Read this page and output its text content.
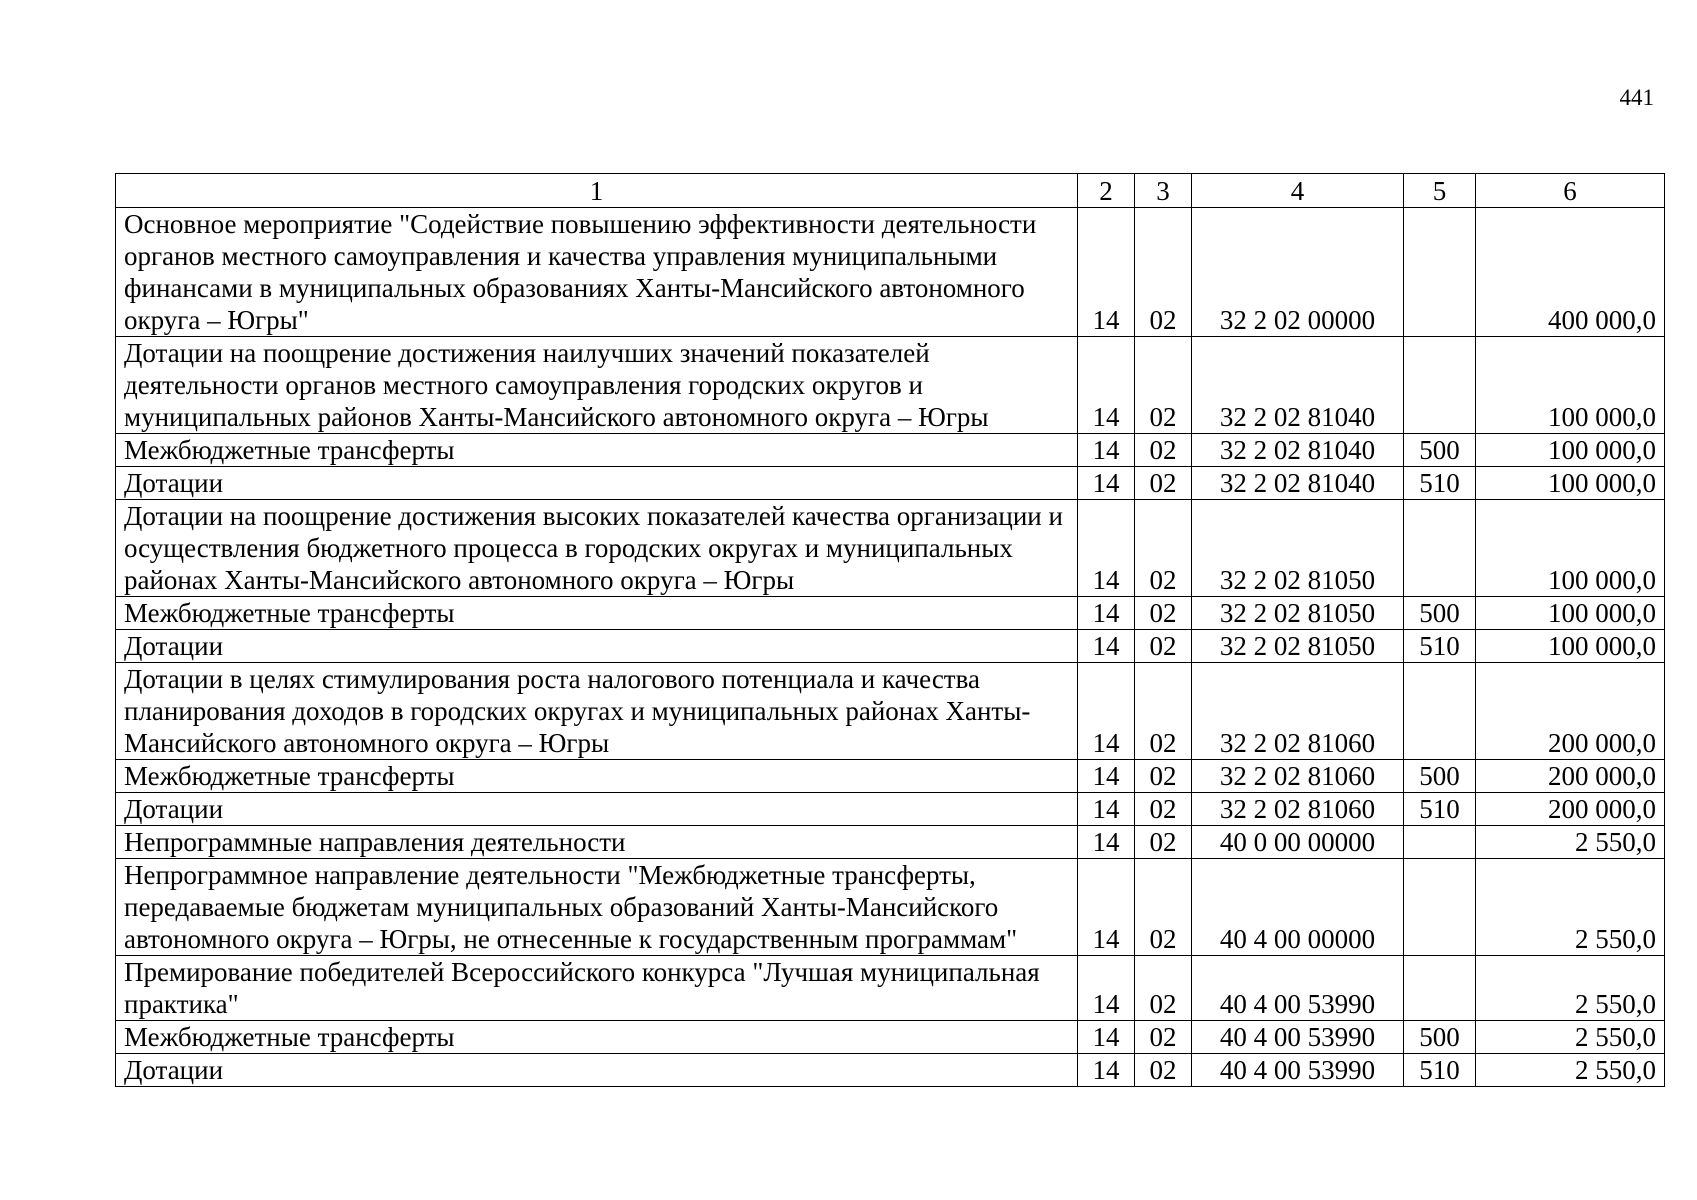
441
1	2	3	4	5	6
Основное мероприятие "Содействие повышению эффективности деятельности органов местного самоуправления и качества управления муниципальными финансами в муниципальных образованиях Ханты-Мансийского автономного округа – Югры"	14	02	32 2 02 00000		400 000,0
Дотации на поощрение достижения наилучших значений показателей деятельности органов местного самоуправления городских округов и муниципальных районов Ханты-Мансийского автономного округа – Югры	14	02	32 2 02 81040		100 000,0
Межбюджетные трансферты	14	02	32 2 02 81040	500	100 000,0
Дотации	14	02	32 2 02 81040	510	100 000,0
Дотации на поощрение достижения высоких показателей качества организации и осуществления бюджетного процесса в городских округах и муниципальных районах Ханты-Мансийского автономного округа – Югры	14	02	32 2 02 81050		100 000,0
Межбюджетные трансферты	14	02	32 2 02 81050	500	100 000,0
Дотации	14	02	32 2 02 81050	510	100 000,0
Дотации в целях стимулирования роста налогового потенциала и качества планирования доходов в городских округах и муниципальных районах Ханты-Мансийского автономного округа – Югры	14	02	32 2 02 81060		200 000,0
Межбюджетные трансферты	14	02	32 2 02 81060	500	200 000,0
Дотации	14	02	32 2 02 81060	510	200 000,0
Непрограммные направления деятельности	14	02	40 0 00 00000		2 550,0
Непрограммное направление деятельности "Межбюджетные трансферты, передаваемые бюджетам муниципальных образований Ханты-Мансийского автономного округа – Югры, не отнесенные к государственным программам"	14	02	40 4 00 00000		2 550,0
Премирование победителей Всероссийского конкурса "Лучшая муниципальная практика"	14	02	40 4 00 53990		2 550,0
Межбюджетные трансферты	14	02	40 4 00 53990	500	2 550,0
Дотации	14	02	40 4 00 53990	510	2 550,0
